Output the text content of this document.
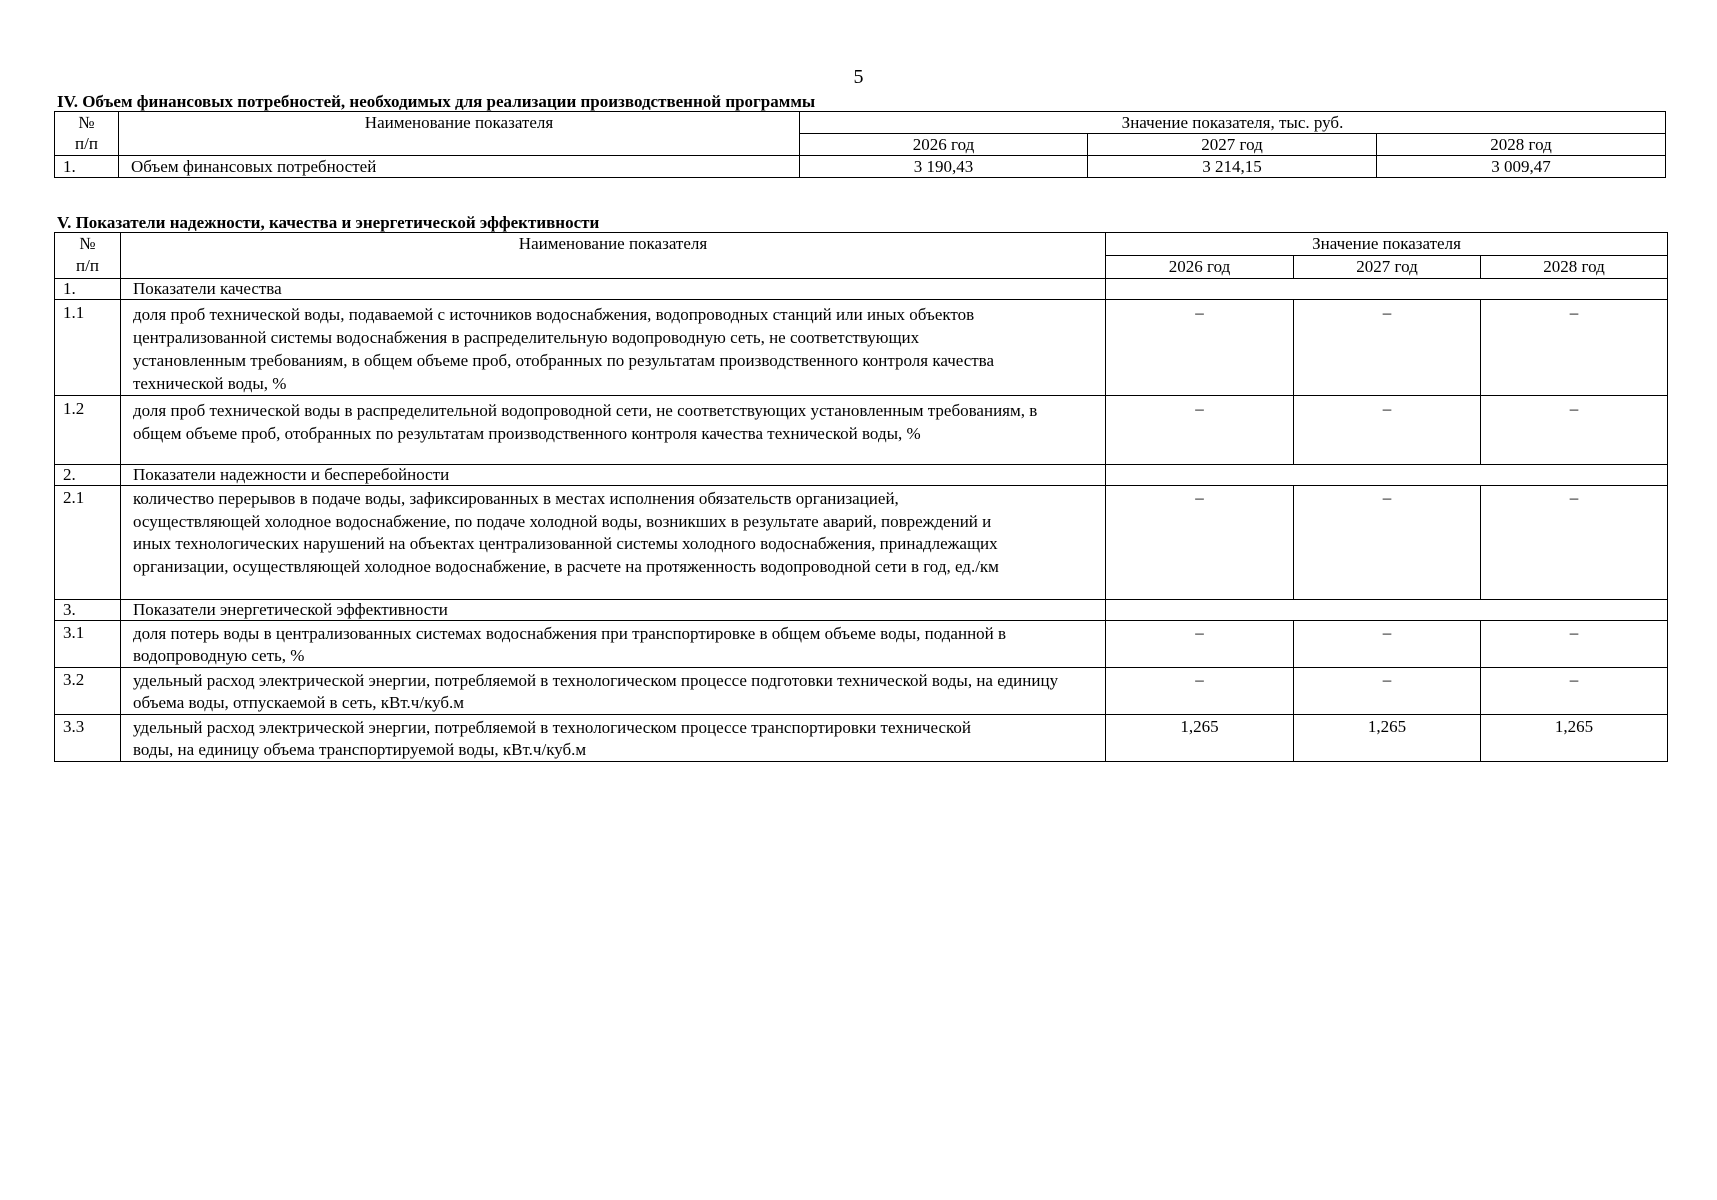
5
IV. Объем финансовых потребностей, необходимых для реализации производственной программы
№
п/п	Наименование показателя	Значение показателя, тыс. руб.		
		2026 год	2027 год	2028 год
1.	Объем финансовых потребностей	3 190,43	3 214,15	3 009,47
V. Показатели надежности, качества и энергетической эффективности
№
п/п	Наименование показателя	Значение показателя		
		2026 год	2027 год	2028 год
1.	Показатели качества			
1.1	доля проб технической воды, подаваемой с источников водоснабжения, водопроводных станций или иных объектов централизованной системы водоснабжения в распределительную водопроводную сеть, не соответствующих установленным требованиям, в общем объеме проб, отобранных по результатам производственного контроля качества технической воды, %	–	–	–
1.2	доля проб технической воды в распределительной водопроводной сети, не соответствующих установленным требованиям, в общем объеме проб, отобранных по результатам производственного контроля качества технической воды, %	–	–	–
2.	Показатели надежности и бесперебойности			
2.1	количество перерывов в подаче воды, зафиксированных в местах исполнения обязательств организацией, осуществляющей холодное водоснабжение, по подаче холодной воды, возникших в результате аварий, повреждений и иных технологических нарушений на объектах централизованной системы холодного водоснабжения, принадлежащих организации, осуществляющей холодное водоснабжение, в расчете на протяженность водопроводной сети в год, ед./км	–	–	–
3.	Показатели энергетической эффективности			
3.1	доля потерь воды в централизованных системах водоснабжения при транспортировке в общем объеме воды, поданной в водопроводную сеть, %	–	–	–
3.2	удельный расход электрической энергии, потребляемой в технологическом процессе подготовки технической воды, на единицу объема воды, отпускаемой в сеть, кВт.ч/куб.м	–	–	–
3.3	удельный расход электрической энергии, потребляемой в технологическом процессе транспортировки технической воды, на единицу объема транспортируемой воды, кВт.ч/куб.м	1,265	1,265	1,265
